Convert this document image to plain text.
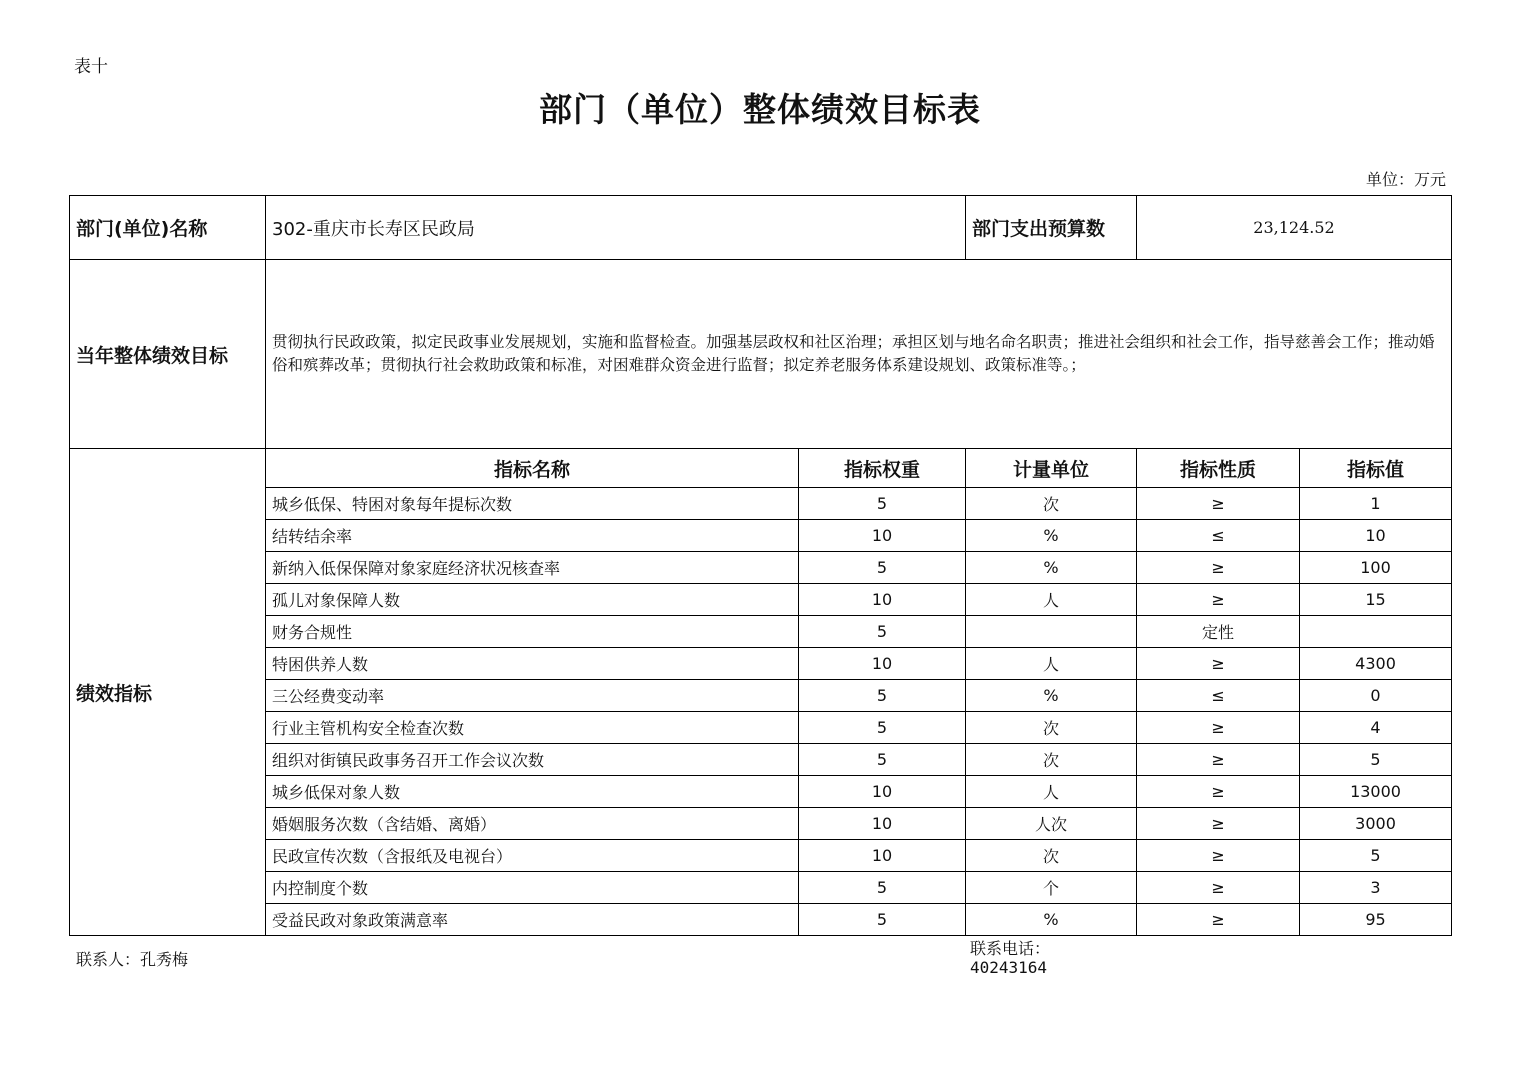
表十
部门（单位）整体绩效目标表
单位：万元
部门(单位)名称	302-重庆市长寿区民政局		部门支出预算数	23,124.52	
当年整体绩效目标	贯彻执行民政政策，拟定民政事业发展规划，实施和监督检查。加强基层政权和社区治理；承担区划与地名命名职责；推进社会组织和社会工作，指导慈善会工作；推动婚俗和殡葬改革；贯彻执行社会救助政策和标准，对困难群众资金进行监督；拟定养老服务体系建设规划、政策标准等。；				
绩效指标	指标名称	指标权重	计量单位	指标性质	指标值
	城乡低保、特困对象每年提标次数	5	次	≥	1
	结转结余率	10	%	≤	10
	新纳入低保保障对象家庭经济状况核查率	5	%	≥	100
	孤儿对象保障人数	10	人	≥	15
	财务合规性	5		定性	
	特困供养人数	10	人	≥	4300
	三公经费变动率	5	%	≤	0
	行业主管机构安全检查次数	5	次	≥	4
	组织对街镇民政事务召开工作会议次数	5	次	≥	5
	城乡低保对象人数	10	人	≥	13000
	婚姻服务次数（含结婚、离婚）	10	人次	≥	3000
	民政宣传次数（含报纸及电视台）	10	次	≥	5
	内控制度个数	5	个	≥	3
	受益民政对象政策满意率	5	%	≥	95
联系人：孔秀梅
联系电话：
40243164
